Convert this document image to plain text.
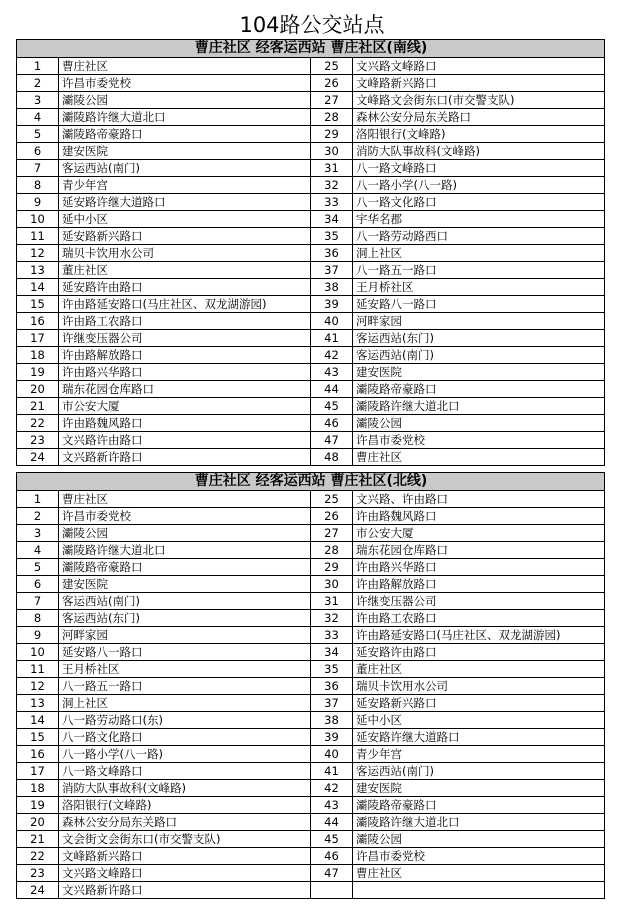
104路公交站点
曹庄社区 经客运西站 曹庄社区(南线)			
1	曹庄社区	25	文兴路文峰路口
2	许昌市委党校	26	文峰路新兴路口
3	灞陵公园	27	文峰路文会街东口(市交警支队)
4	灞陵路许继大道北口	28	森林公安分局东关路口
5	灞陵路帝豪路口	29	洛阳银行(文峰路)
6	建安医院	30	消防大队事故科(文峰路)
7	客运西站(南门)	31	八一路文峰路口
8	青少年宫	32	八一路小学(八一路)
9	延安路许继大道路口	33	八一路文化路口
10	延中小区	34	宇华名郡
11	延安路新兴路口	35	八一路劳动路西口
12	瑞贝卡饮用水公司	36	洞上社区
13	董庄社区	37	八一路五一路口
14	延安路许由路口	38	王月桥社区
15	许由路延安路口(马庄社区、双龙湖游园)	39	延安路八一路口
16	许由路工农路口	40	河畔家园
17	许继变压器公司	41	客运西站(东门)
18	许由路解放路口	42	客运西站(南门)
19	许由路兴华路口	43	建安医院
20	瑞东花园仓库路口	44	灞陵路帝豪路口
21	市公安大厦	45	灞陵路许继大道北口
22	许由路魏风路口	46	灞陵公园
23	文兴路许由路口	47	许昌市委党校
24	文兴路新许路口	48	曹庄社区
曹庄社区 经客运西站 曹庄社区(北线)			
1	曹庄社区	25	文兴路、许由路口
2	许昌市委党校	26	许由路魏风路口
3	灞陵公园	27	市公安大厦
4	灞陵路许继大道北口	28	瑞东花园仓库路口
5	灞陵路帝豪路口	29	许由路兴华路口
6	建安医院	30	许由路解放路口
7	客运西站(南门)	31	许继变压器公司
8	客运西站(东门)	32	许由路工农路口
9	河畔家园	33	许由路延安路口(马庄社区、双龙湖游园)
10	延安路八一路口	34	延安路许由路口
11	王月桥社区	35	董庄社区
12	八一路五一路口	36	瑞贝卡饮用水公司
13	洞上社区	37	延安路新兴路口
14	八一路劳动路口(东)	38	延中小区
15	八一路文化路口	39	延安路许继大道路口
16	八一路小学(八一路)	40	青少年宫
17	八一路文峰路口	41	客运西站(南门)
18	消防大队事故科(文峰路)	42	建安医院
19	洛阳银行(文峰路)	43	灞陵路帝豪路口
20	森林公安分局东关路口	44	灞陵路许继大道北口
21	文会街文会街东口(市交警支队)	45	灞陵公园
22	文峰路新兴路口	46	许昌市委党校
23	文兴路文峰路口	47	曹庄社区
24	文兴路新许路口		
